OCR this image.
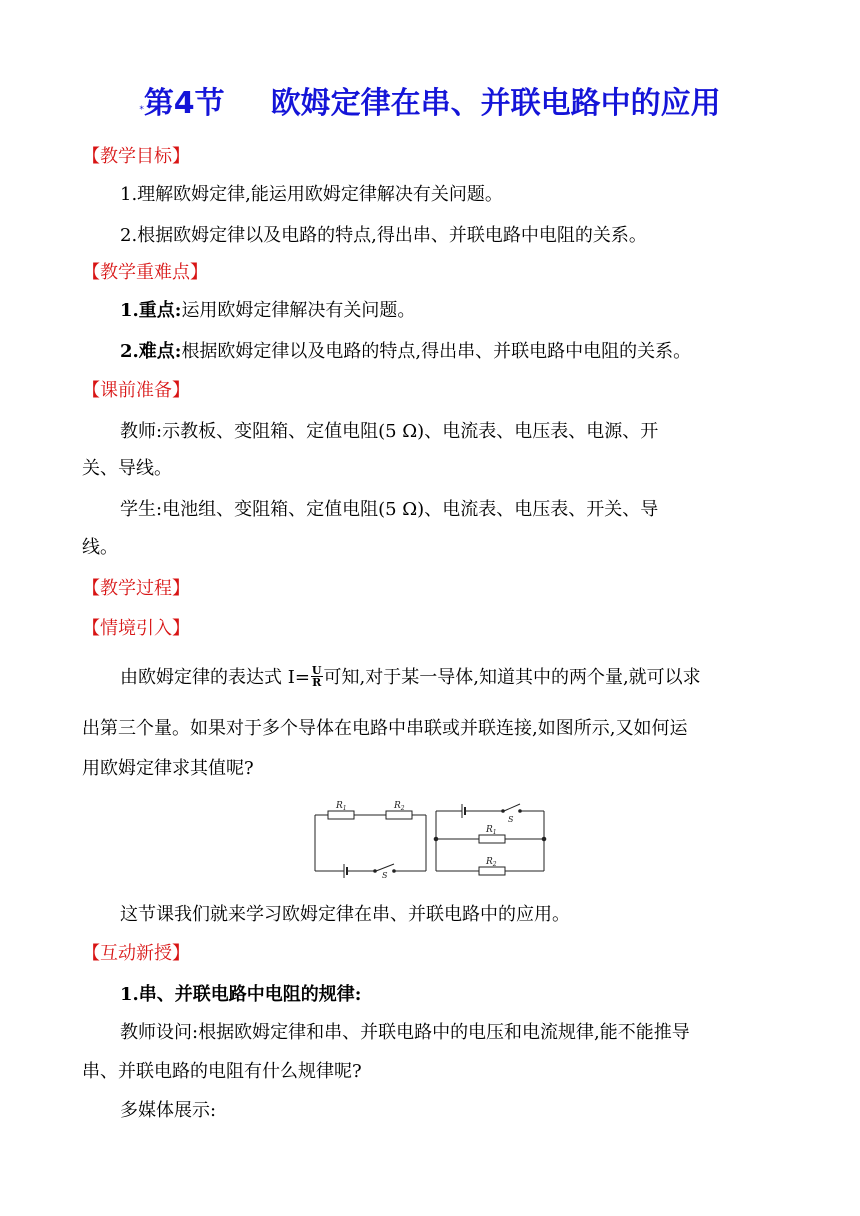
*第4节 欧姆定律在串、并联电路中的应用
【教学目标】
1.理解欧姆定律,能运用欧姆定律解决有关问题。
2.根据欧姆定律以及电路的特点,得出串、并联电路中电阻的关系。
【教学重难点】
1.重点:运用欧姆定律解决有关问题。
2.难点:根据欧姆定律以及电路的特点,得出串、并联电路中电阻的关系。
【课前准备】
教师:示教板、变阻箱、定值电阻(5 Ω)、电流表、电压表、电源、开
关、导线。
学生:电池组、变阻箱、定值电阻(5 Ω)、电流表、电压表、开关、导
线。
【教学过程】
【情境引入】
由欧姆定律的表达式 $I= \frac{U}{R}$ 可知,对于某一导体,知道其中的两个量,就可以求
出第三个量。如果对于多个导体在电路中串联或并联连接,如图所示,又如何运
用欧姆定律求其值呢?
$R_1$	$R_2$
S
S
$R_1$
$R_2$
这节课我们就来学习欧姆定律在串、并联电路中的应用。
【互动新授】
1.串、并联电路中电阻的规律:
教师设问:根据欧姆定律和串、并联电路中的电压和电流规律,能不能推导
串、并联电路的电阻有什么规律呢?
多媒体展示:
